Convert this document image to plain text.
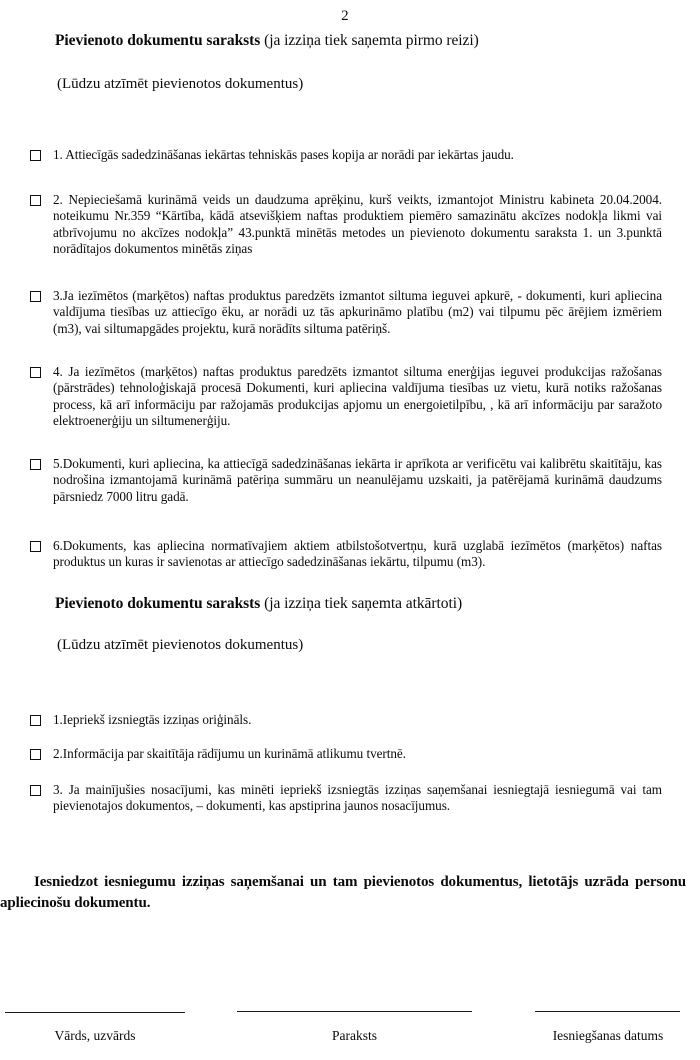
2
Pievienoto dokumentu saraksts (ja izziņa tiek saņemta pirmo reizi)
(Lūdzu atzīmēt pievienotos dokumentus)
1. Attiecīgās sadedzināšanas iekārtas tehniskās pases kopija ar norādi par iekārtas jaudu.
2. Nepieciešamā kurināmā veids un daudzuma aprēķinu, kurš veikts, izmantojot Ministru kabineta 20.04.2004. noteikumu Nr.359 “Kārtība, kādā atsevišķiem naftas produktiem piemēro samazinātu akcīzes nodokļa likmi vai atbrīvojumu no akcīzes nodokļa” 43.punktā minētās metodes un pievienoto dokumentu saraksta 1. un 3.punktā norādītajos dokumentos minētās ziņas
3.Ja iezīmētos (marķētos) naftas produktus paredzēts izmantot siltuma ieguvei apkurē, - dokumenti, kuri apliecina valdījuma tiesības uz attiecīgo ēku, ar norādi uz tās apkurināmo platību (m2) vai tilpumu pēc ārējiem izmēriem (m3), vai siltumapgādes projektu, kurā norādīts siltuma patēriņš.
4. Ja iezīmētos (marķētos) naftas produktus paredzēts izmantot siltuma enerģijas ieguvei produkcijas ražošanas (pārstrādes) tehnoloģiskajā procesā Dokumenti, kuri apliecina valdījuma tiesības uz vietu, kurā notiks ražošanas process, kā arī informāciju par ražojamās produkcijas apjomu un energoietilpību, , kā arī informāciju par saražoto elektroenerģiju un siltumenerģiju.
5.Dokumenti, kuri apliecina, ka attiecīgā sadedzināšanas iekārta ir aprīkota ar verificētu vai kalibrētu skaitītāju, kas nodrošina izmantojamā kurināmā patēriņa summāru un neanulējamu uzskaiti, ja patērējamā kurināmā daudzums pārsniedz 7000 litru gadā.
6.Dokuments, kas apliecina normatīvajiem aktiem atbilstošotvertņu, kurā uzglabā iezīmētos (marķētos) naftas produktus un kuras ir savienotas ar attiecīgo sadedzināšanas iekārtu, tilpumu (m3).
Pievienoto dokumentu saraksts (ja izziņa tiek saņemta atkārtoti)
(Lūdzu atzīmēt pievienotos dokumentus)
1.Iepriekš izsniegtās izziņas oriģināls.
2.Informācija par skaitītāja rādījumu un kurināmā atlikumu tvertnē.
3. Ja mainījušies nosacījumi, kas minēti iepriekš izsniegtās izziņas saņemšanai iesniegtajā iesniegumā vai tam pievienotajos dokumentos, – dokumenti, kas apstiprina jaunos nosacījumus.
Iesniedzot iesniegumu izziņas saņemšanai un tam pievienotos dokumentus, lietotājs uzrāda personu apliecinošu dokumentu.
Vārds, uzvārds	Paraksts	Iesniegšanas datums
